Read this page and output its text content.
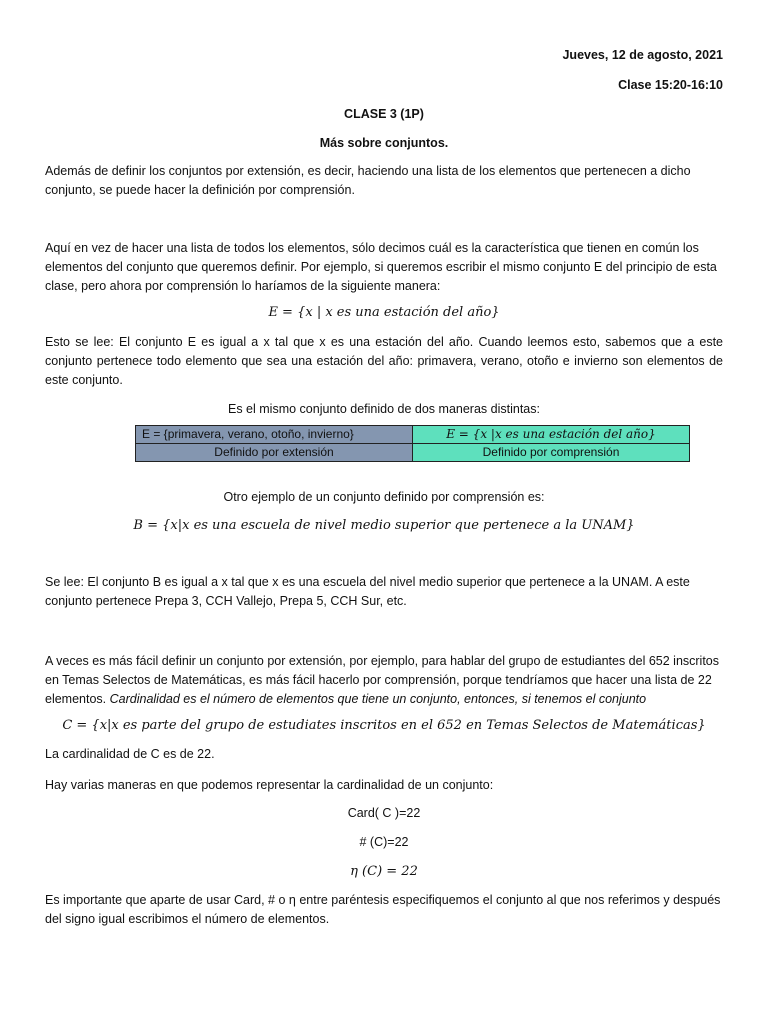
Jueves, 12 de agosto, 2021
Clase 15:20-16:10
CLASE 3 (1P)
Más sobre conjuntos.
Además de definir los conjuntos por extensión, es decir, haciendo una lista de los elementos que pertenecen a dicho conjunto, se puede hacer la definición por comprensión.
Aquí en vez de hacer una lista de todos los elementos, sólo decimos cuál es la característica que tienen en común los elementos del conjunto que queremos definir. Por ejemplo, si queremos escribir el mismo conjunto E del principio de esta clase, pero ahora por comprensión lo haríamos de la siguiente manera:
E = {x | x es una estación del año}
Esto se lee: El conjunto E es igual a x tal que x es una estación del año. Cuando leemos esto, sabemos que a este conjunto pertenece todo elemento que sea una estación del año: primavera, verano, otoño e invierno son elementos de este conjunto.
Es el mismo conjunto definido de dos maneras distintas:
E = {primavera, verano, otoño, invierno}	E = {x |x es una estación del año}
Definido por extensión	Definido por comprensión
Otro ejemplo de un conjunto definido por comprensión es:
B = {x|x es una escuela de nivel medio superior que pertenece a la UNAM}
Se lee: El conjunto B es igual a x tal que x es una escuela del nivel medio superior que pertenece a la UNAM. A este conjunto pertenece Prepa 3, CCH Vallejo, Prepa 5, CCH Sur, etc.
A veces es más fácil definir un conjunto por extensión, por ejemplo, para hablar del grupo de estudiantes del 652 inscritos en Temas Selectos de Matemáticas, es más fácil hacerlo por comprensión, porque tendríamos que hacer una lista de 22 elementos. Cardinalidad es el número de elementos que tiene un conjunto, entonces, si tenemos el conjunto
C = {x|x es parte del grupo de estudiates inscritos en el 652 en Temas Selectos de Matemáticas}
La cardinalidad de C es de 22.
Hay varias maneras en que podemos representar la cardinalidad de un conjunto:
Card( C )=22
# (C)=22
η (C) = 22
Es importante que aparte de usar Card, # o η entre paréntesis especifiquemos el conjunto al que nos referimos y después del signo igual escribimos el número de elementos.
